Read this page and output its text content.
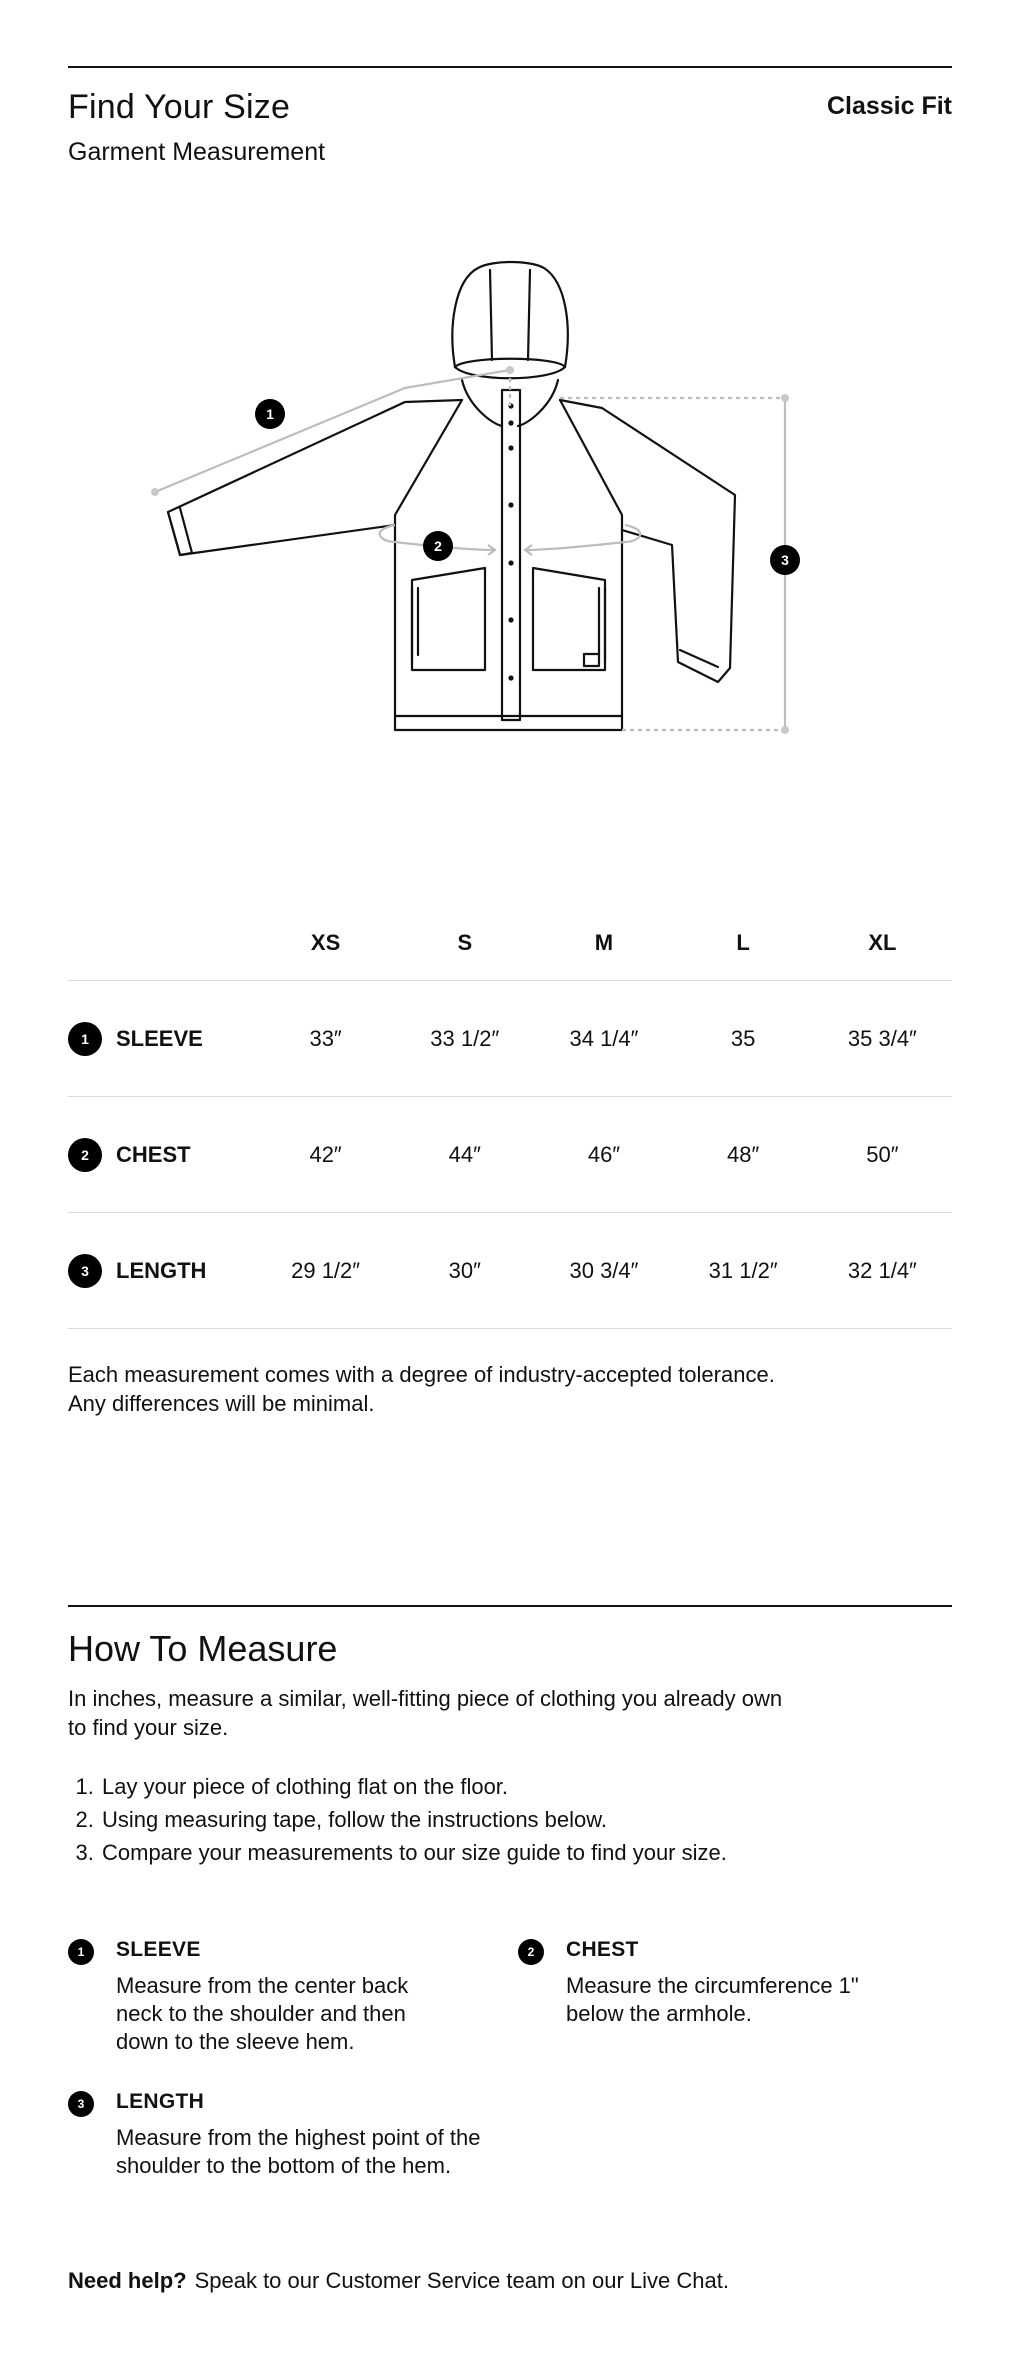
Find Your Size
Garment Measurement
Classic Fit
1
2
3
	XS	S	M	L	XL
1 SLEEVE	33″	33 1/2″	34 1/4″	35	35 3/4″
2 CHEST	42″	44″	46″	48″	50″
3 LENGTH	29 1/2″	30″	30 3/4″	31 1/2″	32 1/4″
Each measurement comes with a degree of industry-accepted tolerance.
Any differences will be minimal.
How To Measure
In inches, measure a similar, well-fitting piece of clothing you already own
to find your size.
1. Lay your piece of clothing flat on the floor.
2. Using measuring tape, follow the instructions below.
3. Compare your measurements to our size guide to find your size.
1	SLEEVE
Measure from the center back neck to the shoulder and then down to the sleeve hem.
2	CHEST
Measure the circumference 1" below the armhole.
3	LENGTH
Measure from the highest point of the shoulder to the bottom of the hem.
Need help? Speak to our Customer Service team on our Live Chat.
